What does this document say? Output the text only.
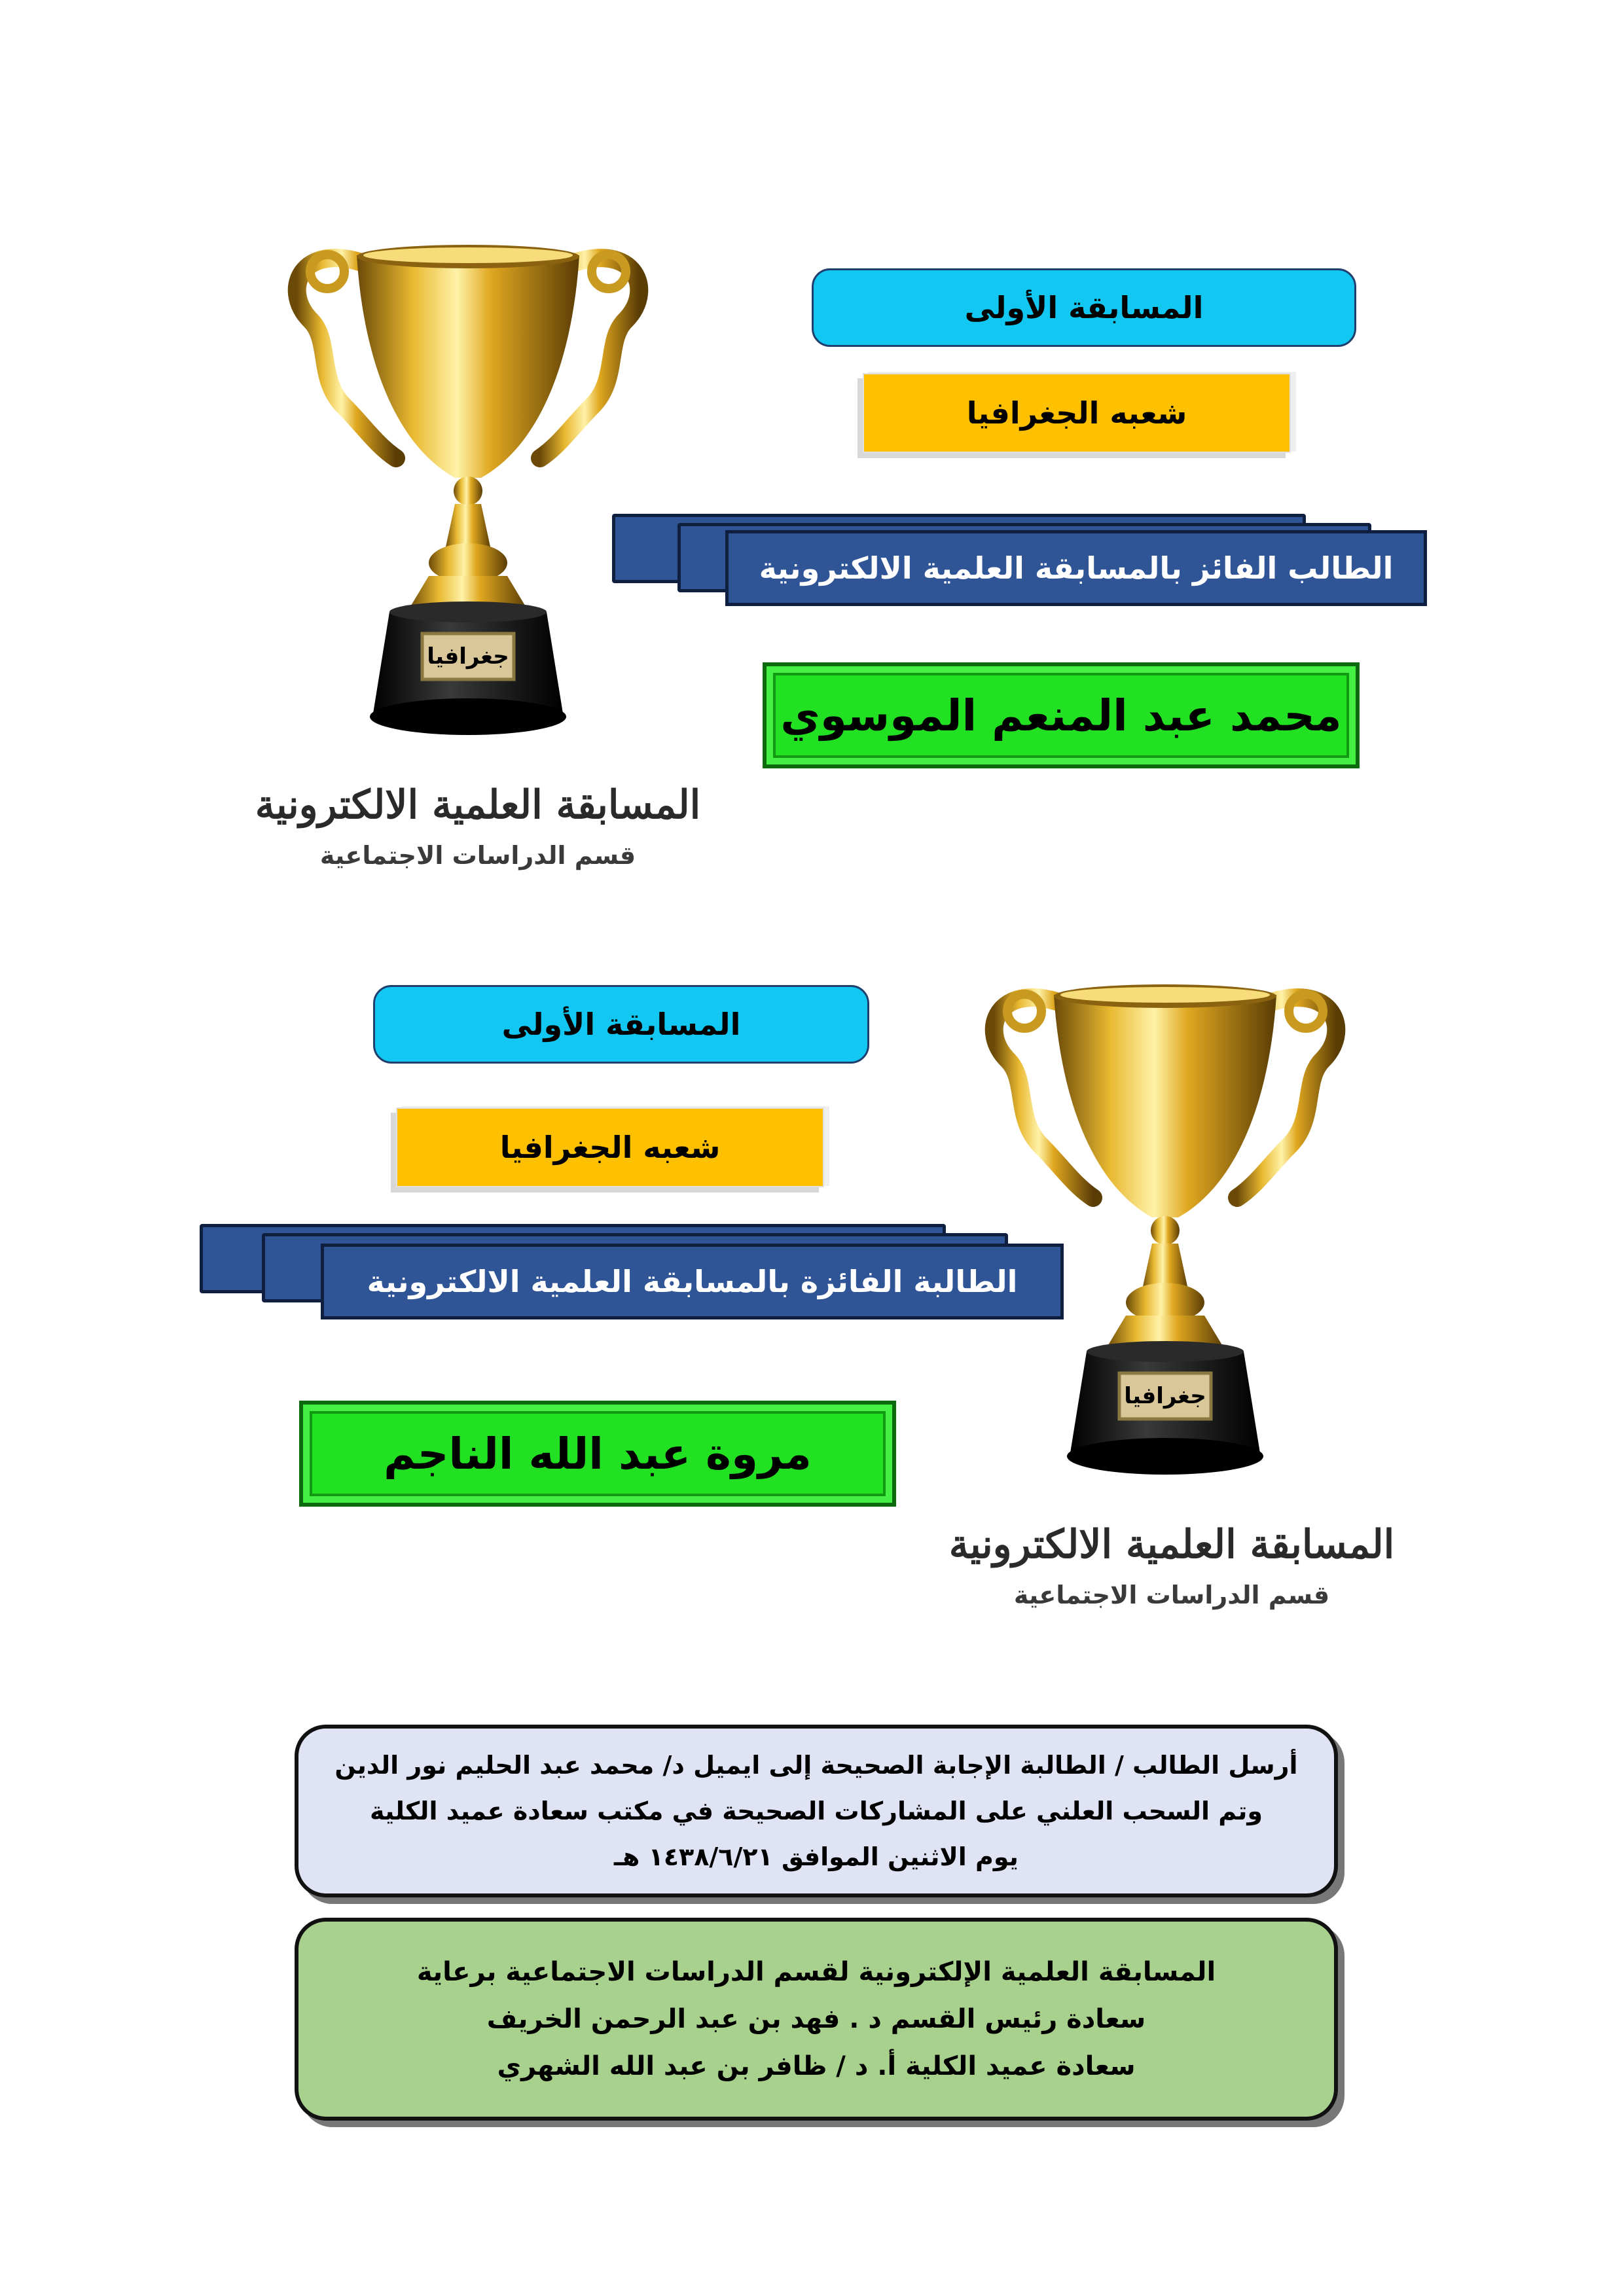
جغرافيا
المسابقة العلمية الالكترونية
قسم الدراسات الاجتماعية
المسابقة الأولى
شعبه الجغرافيا
الطالب الفائز بالمسابقة العلمية الالكترونية
محمد عبد المنعم الموسوي
المسابقة الأولى
شعبه الجغرافيا
الطالبة الفائزة بالمسابقة العلمية الالكترونية
مروة عبد الله الناجم
جغرافيا
المسابقة العلمية الالكترونية
قسم الدراسات الاجتماعية
أرسل الطالب / الطالبة الإجابة الصحيحة إلى ايميل د/ محمد عبد الحليم نور الدين
وتم السحب العلني على المشاركات الصحيحة في مكتب سعادة عميد الكلية
يوم الاثنين الموافق ١٤٣٨/٦/٢١ هـ
المسابقة العلمية الإلكترونية لقسم الدراسات الاجتماعية برعاية
سعادة رئيس القسم د . فهد بن عبد الرحمن الخريف
سعادة عميد الكلية أ. د / ظافر بن عبد الله الشهري
